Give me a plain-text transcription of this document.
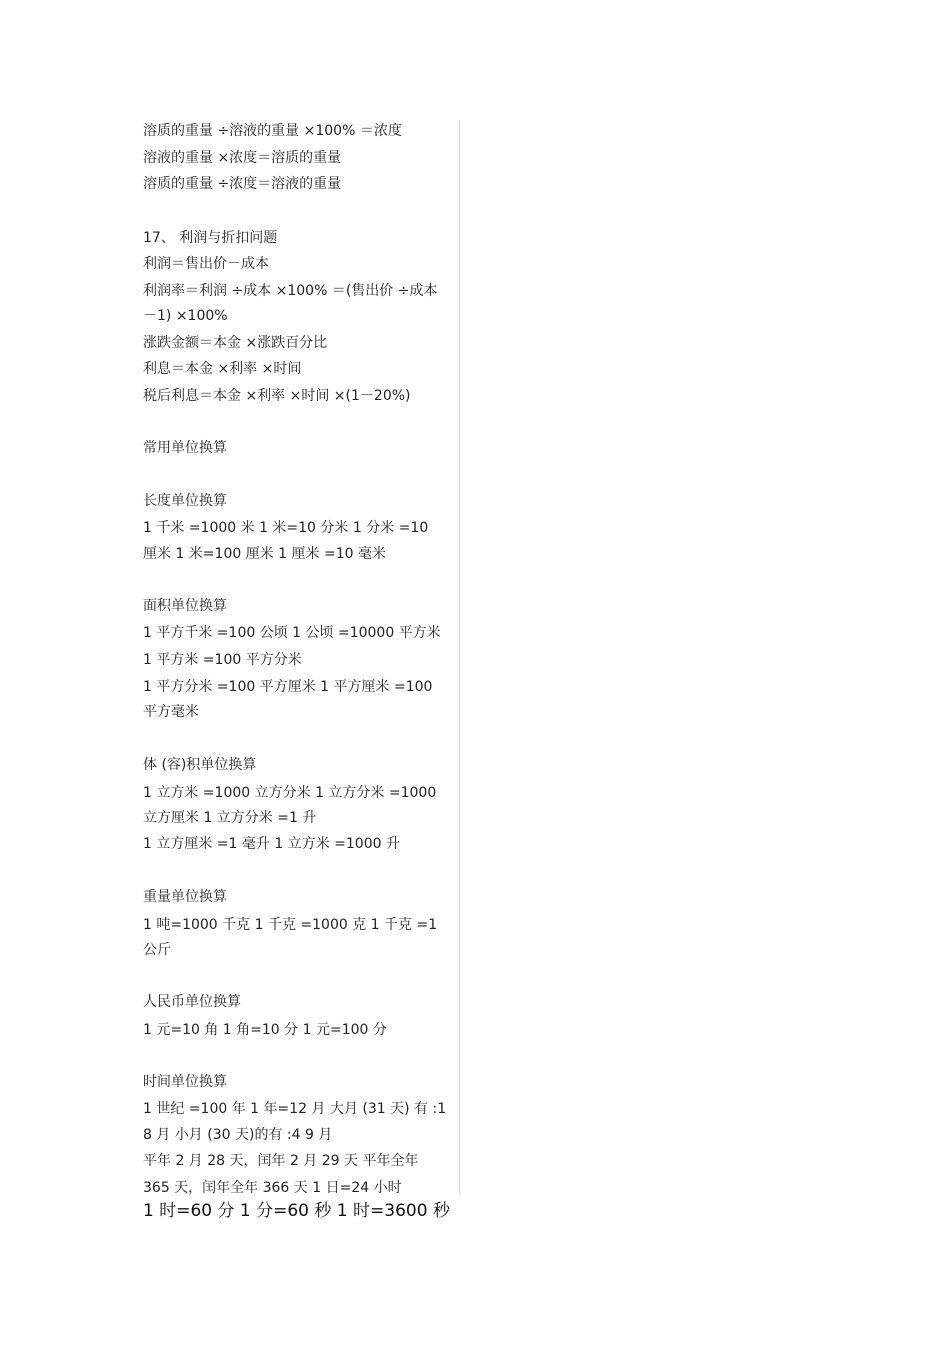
溶质的重量 ÷溶液的重量 ×100% ＝浓度
溶液的重量 ×浓度＝溶质的重量
溶质的重量 ÷浓度＝溶液的重量
17、 利润与折扣问题
利润＝售出价－成本
利润率＝利润 ÷成本 ×100% ＝(售出价 ÷成本
－1) ×100%
涨跌金额＝本金 ×涨跌百分比
利息＝本金 ×利率 ×时间
税后利息＝本金 ×利率 ×时间 ×(1－20%)
常用单位换算
长度单位换算
1 千米 =1000 米 1 米=10 分米 1 分米 =10
厘米 1 米=100 厘米 1 厘米 =10 毫米
面积单位换算
1 平方千米 =100 公顷 1 公顷 =10000 平方米
1 平方米 =100 平方分米
1 平方分米 =100 平方厘米 1 平方厘米 =100
平方毫米
体 (容)积单位换算
1 立方米 =1000 立方分米 1 立方分米 =1000
立方厘米 1 立方分米 =1 升
1 立方厘米 =1 毫升 1 立方米 =1000 升
重量单位换算
1 吨=1000 千克 1 千克 =1000 克 1 千克 =1
公斤
人民币单位换算
1 元=10 角 1 角=10 分 1 元=100 分
时间单位换算
1 世纪 =100 年 1 年=12 月 大月 (31 天) 有 :1
8 月 小月 (30 天)的有 :4 9 月
平年 2 月 28 天，闰年 2 月 29 天 平年全年
365 天，闰年全年 366 天 1 日=24 小时
1 时=60 分 1 分=60 秒 1 时=3600 秒
